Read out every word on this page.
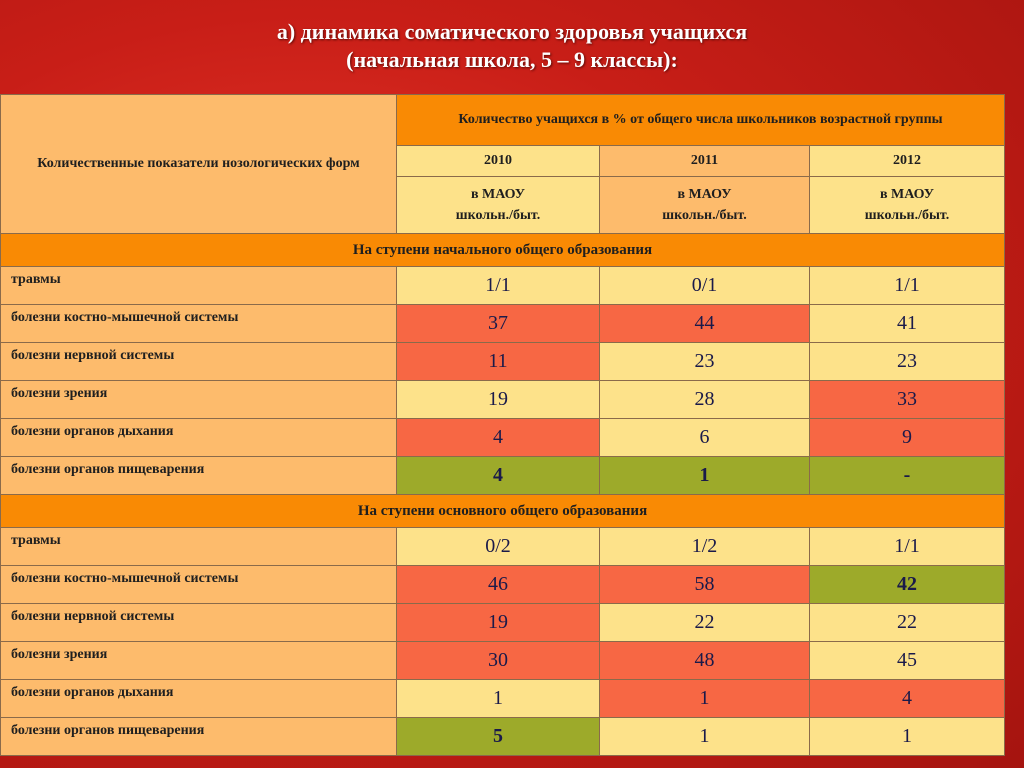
а) динамика соматического здоровья учащихся
(начальная школа, 5 – 9 классы):
Количественные показатели нозологических форм	Количество учащихся в % от общего числа школьников возрастной группы		
	2010	2011	2012
	в МАОУ
школьн./быт.	в МАОУ
школьн./быт.	в МАОУ
школьн./быт.
На ступени начального общего образования			

травмы	1/1	0/1	1/1

болезни костно-мышечной системы	37	44	41

болезни нервной системы	11	23	23

болезни зрения	19	28	33

болезни органов дыхания	4	6	9

болезни органов пищеварения	4	1	-
На ступени основного общего образования			

травмы	0/2	1/2	1/1

болезни костно-мышечной системы	46	58	42

болезни нервной системы	19	22	22

болезни зрения	30	48	45

болезни органов дыхания	1	1	4

болезни органов пищеварения	5	1	1
